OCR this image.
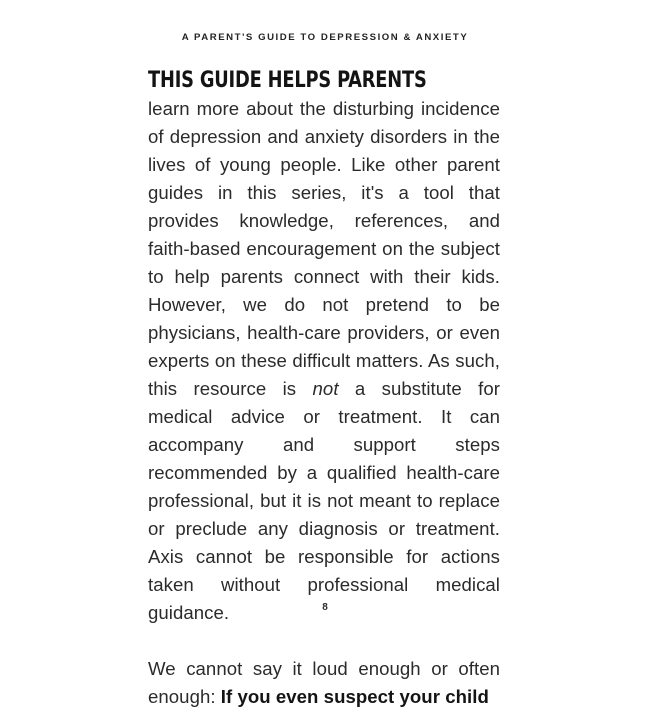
A PARENT'S GUIDE TO DEPRESSION & ANXIETY

THIS GUIDE HELPS PARENTS learn more about the disturbing incidence of depression and anxiety disorders in the lives of young people. Like other parent guides in this series, it's a tool that provides knowledge, references, and faith-based encouragement on the subject to help parents connect with their kids. However, we do not pretend to be physicians, health-care providers, or even experts on these difficult matters. As such, this resource is not a substitute for medical advice or treatment. It can accompany and support steps recommended by a qualified health-care professional, but it is not meant to replace or preclude any diagnosis or treatment. Axis cannot be responsible for actions taken without professional medical guidance.

We cannot say it loud enough or often enough: If you even suspect your child

8
